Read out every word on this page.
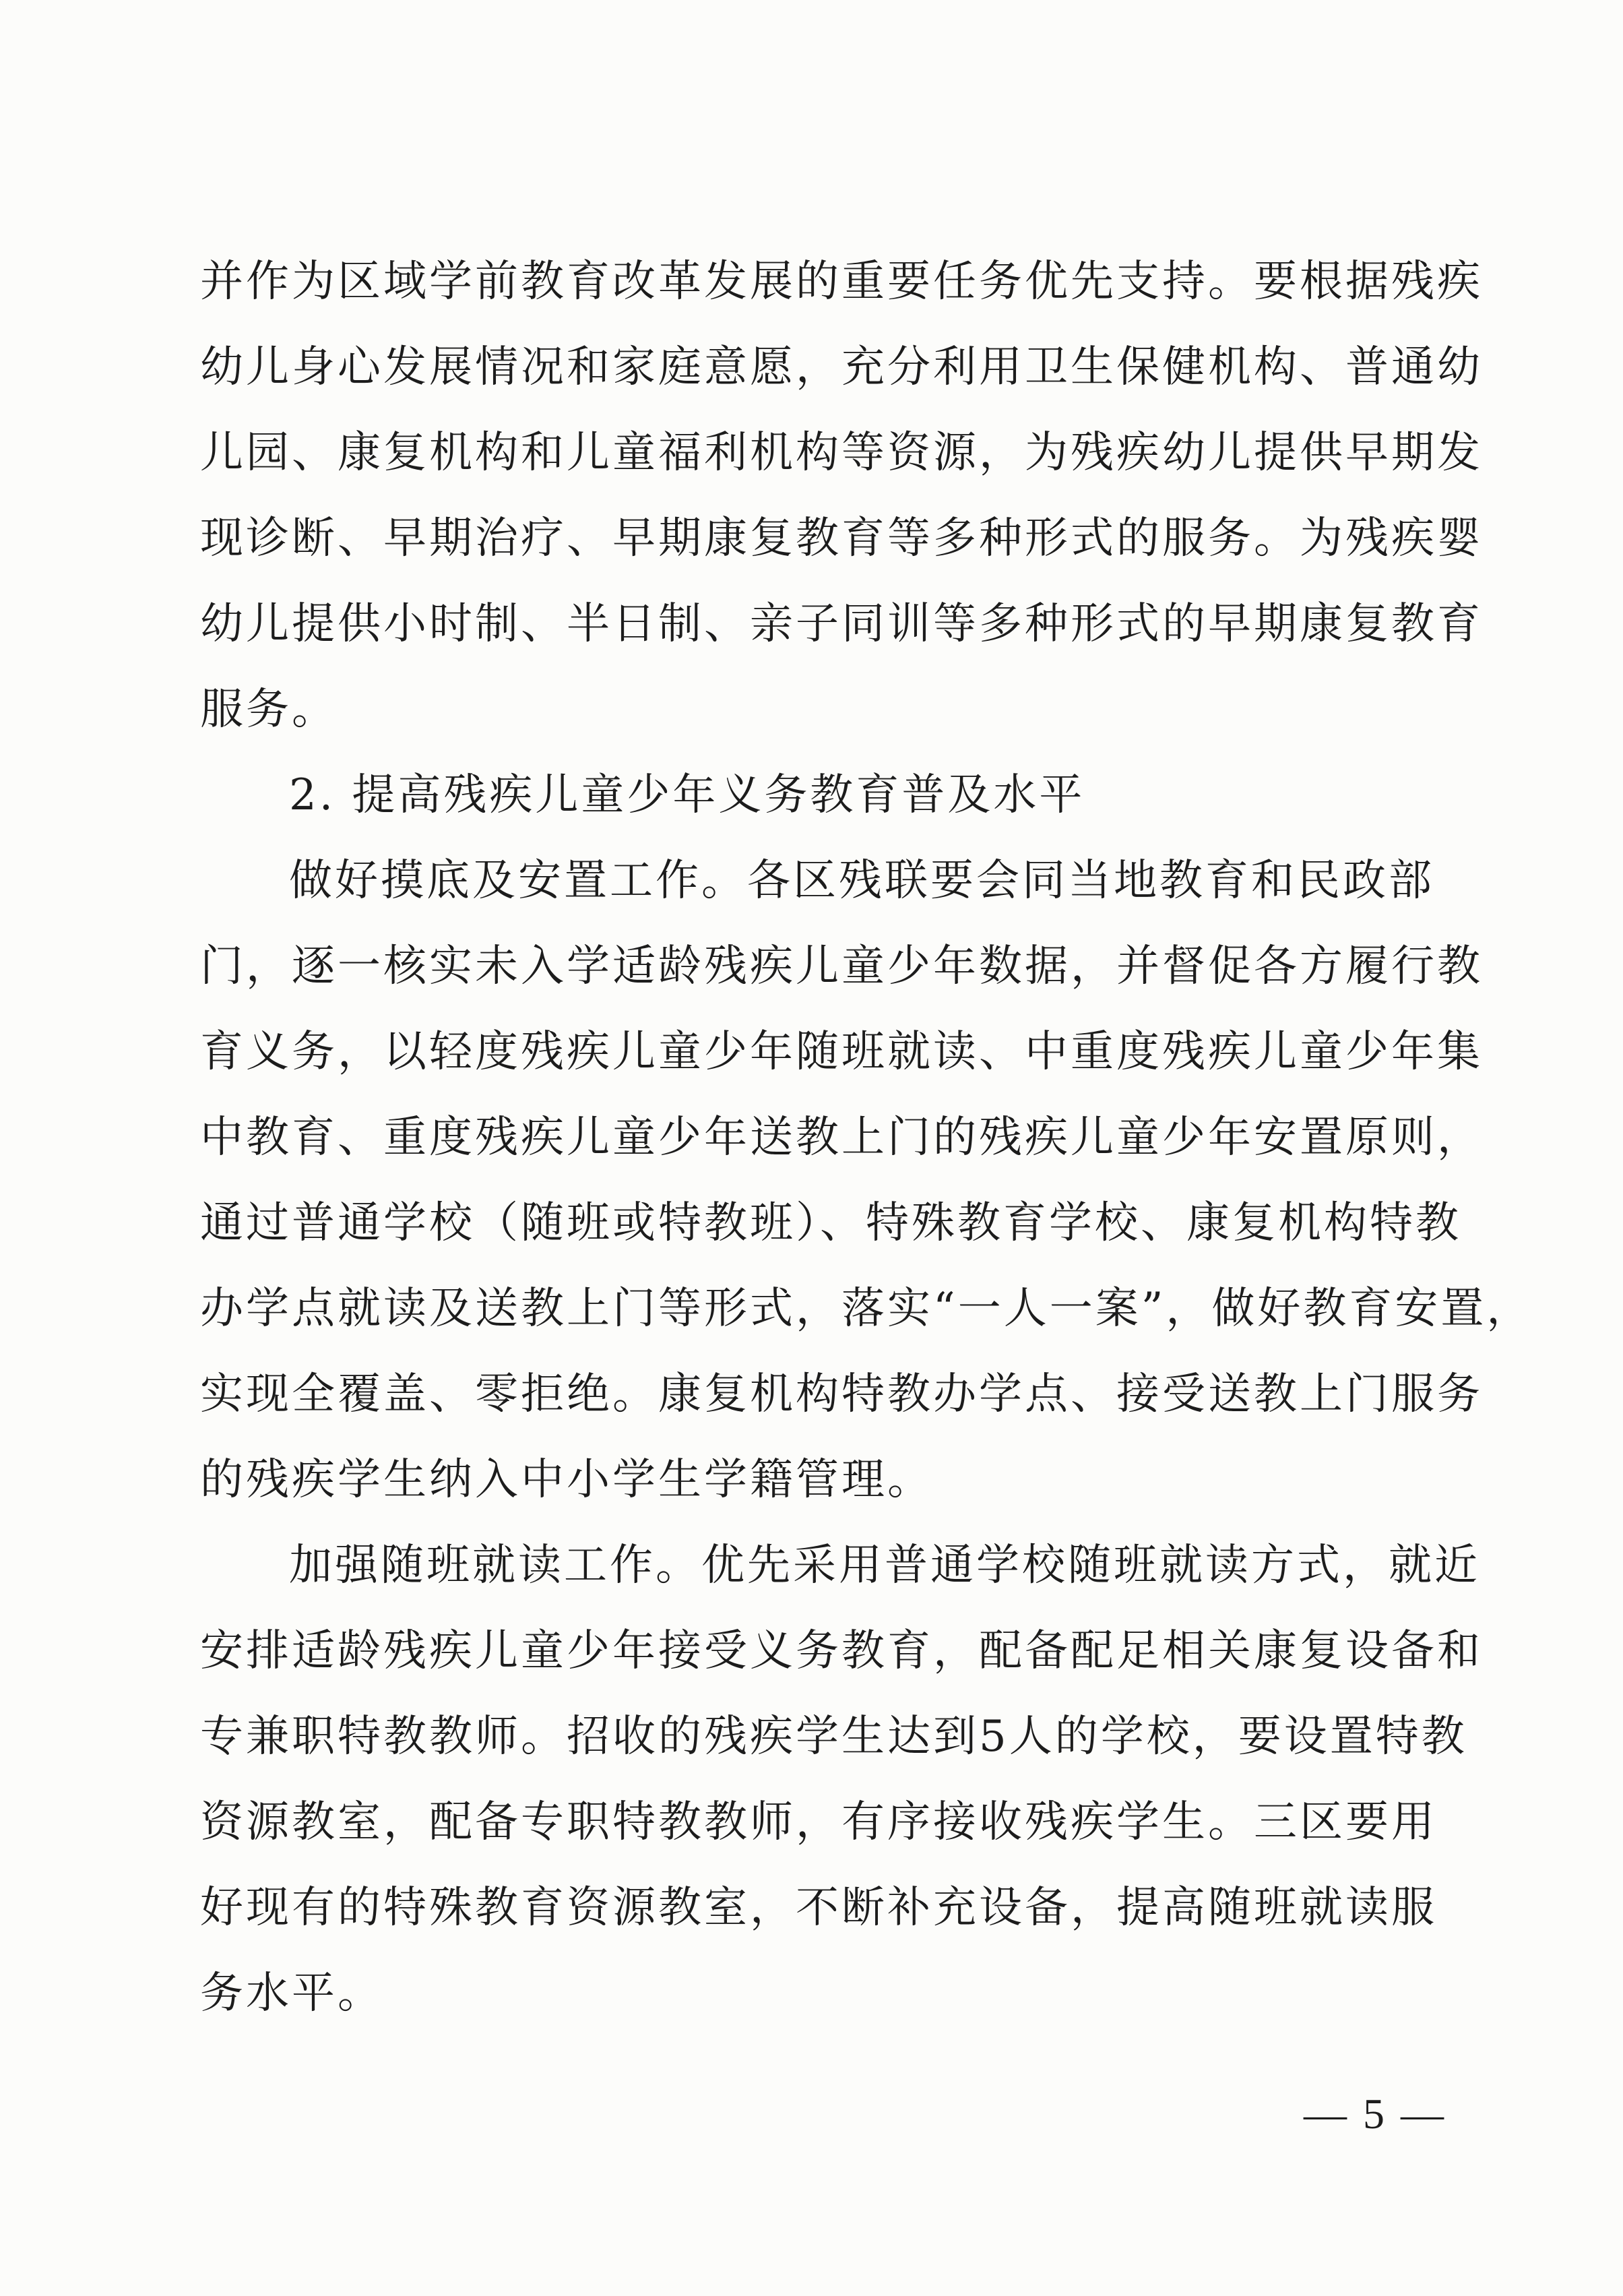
并作为区域学前教育改革发展的重要任务优先支持。要根据残疾
幼儿身心发展情况和家庭意愿，充分利用卫生保健机构、普通幼
儿园、康复机构和儿童福利机构等资源，为残疾幼儿提供早期发
现诊断、早期治疗、早期康复教育等多种形式的服务。为残疾婴
幼儿提供小时制、半日制、亲子同训等多种形式的早期康复教育
服务。
2. 提高残疾儿童少年义务教育普及水平
做好摸底及安置工作。各区残联要会同当地教育和民政部
门，逐一核实未入学适龄残疾儿童少年数据，并督促各方履行教
育义务，以轻度残疾儿童少年随班就读、中重度残疾儿童少年集
中教育、重度残疾儿童少年送教上门的残疾儿童少年安置原则，
通过普通学校（随班或特教班）、特殊教育学校、康复机构特教
办学点就读及送教上门等形式，落实“一人一案”，做好教育安置，
实现全覆盖、零拒绝。康复机构特教办学点、接受送教上门服务
的残疾学生纳入中小学生学籍管理。
加强随班就读工作。优先采用普通学校随班就读方式，就近
安排适龄残疾儿童少年接受义务教育，配备配足相关康复设备和
专兼职特教教师。招收的残疾学生达到5人的学校，要设置特教
资源教室，配备专职特教教师，有序接收残疾学生。三区要用
好现有的特殊教育资源教室，不断补充设备，提高随班就读服
务水平。
— 5 —
